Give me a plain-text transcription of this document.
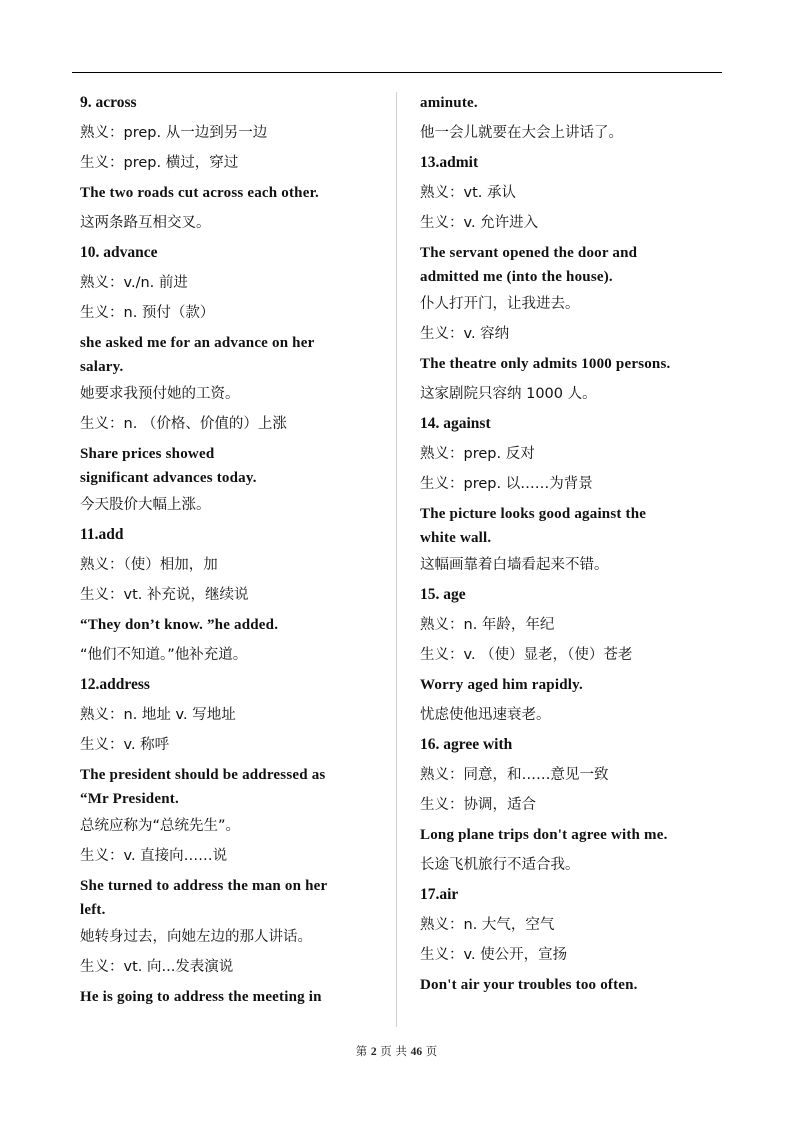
9. across
熟义：prep. 从一边到另一边
生义：prep. 横过，穿过
The two roads cut across each other.
这两条路互相交叉。
10. advance
熟义：v./n. 前进
生义：n. 预付（款）
she asked me for an advance on her
salary.
她要求我预付她的工资。
生义：n. （价格、价值的）上涨
Share prices showed
significant advances today.
今天股价大幅上涨。
11.add
熟义：（使）相加，加
生义：vt. 补充说，继续说
“They don’t know. ”he added.
“他们不知道。”他补充道。
12.address
熟义：n. 地址 v. 写地址
生义：v. 称呼
The president should be addressed as
“Mr President.
总统应称为“总统先生”。
生义：v. 直接向……说
She turned to address the man on her
left.
她转身过去，向她左边的那人讲话。
生义：vt. 向...发表演说
He is going to address the meeting in
aminute.
他一会儿就要在大会上讲话了。
13.admit
熟义：vt. 承认
生义：v. 允许进入
The servant opened the door and
admitted me (into the house).
仆人打开门，让我进去。
生义：v. 容纳
The theatre only admits 1000 persons.
这家剧院只容纳 1000 人。
14. against
熟义：prep. 反对
生义：prep. 以……为背景
The picture looks good against the
white wall.
这幅画靠着白墙看起来不错。
15. age
熟义：n. 年龄，年纪
生义：v. （使）显老，（使）苍老
Worry aged him rapidly.
忧虑使他迅速衰老。
16. agree with
熟义：同意，和……意见一致
生义：协调，适合
Long plane trips don't agree with me.
长途飞机旅行不适合我。
17.air
熟义：n. 大气，空气
生义：v. 使公开，宣扬
Don't air your troubles too often.
第 2 页 共 46 页
